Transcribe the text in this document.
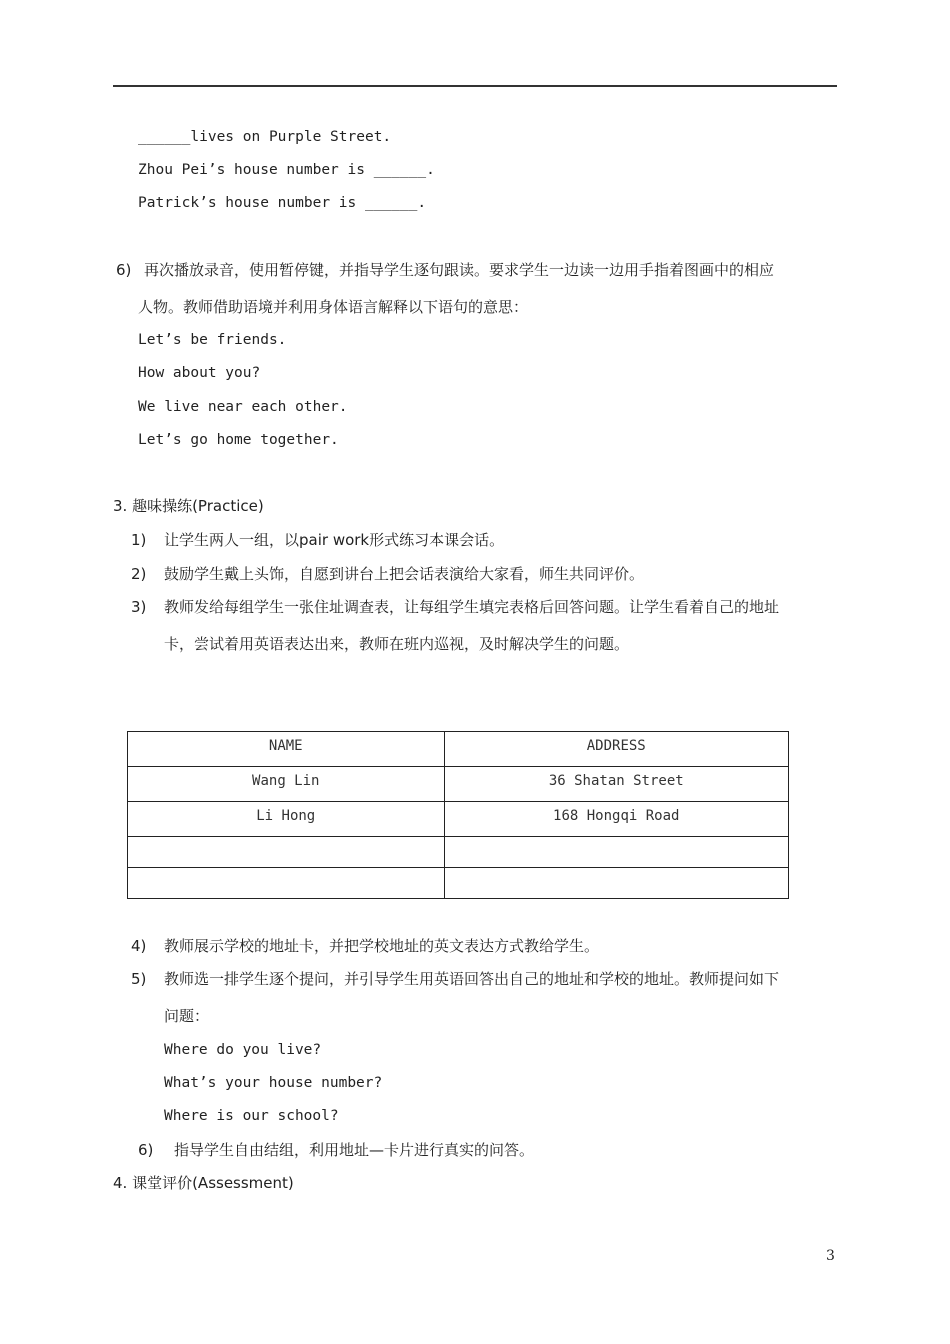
______lives on Purple Street.
Zhou Pei’s house number is ______.
Patrick’s house number is ______.
6) 再次播放录音，使用暂停键，并指导学生逐句跟读。要求学生一边读一边用手指着图画中的相应
人物。教师借助语境并利用身体语言解释以下语句的意思：
Let’s be friends.
How about you?
We live near each other.
Let’s go home together.
3. 趣味操练(Practice)
1) 让学生两人一组，以pair work形式练习本课会话。
2) 鼓励学生戴上头饰，自愿到讲台上把会话表演给大家看，师生共同评价。
3) 教师发给每组学生一张住址调查表，让每组学生填完表格后回答问题。让学生看着自己的地址
卡，尝试着用英语表达出来，教师在班内巡视，及时解决学生的问题。
NAME	ADDRESS
Wang Lin	36 Shatan Street
Li Hong	168 Hongqi Road

4) 教师展示学校的地址卡，并把学校地址的英文表达方式教给学生。
5) 教师选一排学生逐个提问，并引导学生用英语回答出自己的地址和学校的地址。教师提问如下
问题：
Where do you live?
What’s your house number?
Where is our school?
6) 指导学生自由结组，利用地址—卡片进行真实的问答。
4. 课堂评价(Assessment)
3
